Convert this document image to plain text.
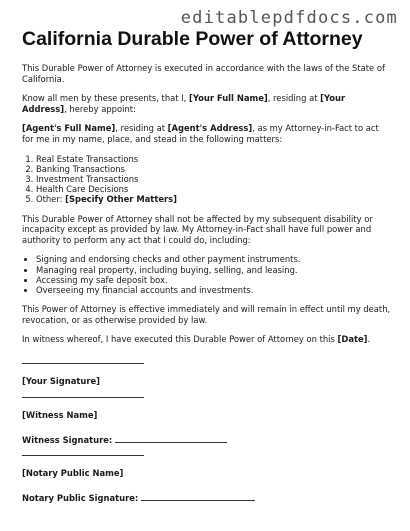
editablepdfdocs.com
California Durable Power of Attorney

This Durable Power of Attorney is executed in accordance with the laws of the State of California.

Know all men by these presents, that I, [Your Full Name], residing at [Your Address], hereby appoint:

[Agent's Full Name], residing at [Agent's Address], as my Attorney-in-Fact to act for me in my name, place, and stead in the following matters:

1. Real Estate Transactions
2. Banking Transactions
3. Investment Transactions
4. Health Care Decisions
5. Other: [Specify Other Matters]

This Durable Power of Attorney shall not be affected by my subsequent disability or incapacity except as provided by law. My Attorney-in-Fact shall have full power and authority to perform any act that I could do, including:

• Signing and endorsing checks and other payment instruments.
• Managing real property, including buying, selling, and leasing.
• Accessing my safe deposit box.
• Overseeing my financial accounts and investments.

This Power of Attorney is effective immediately and will remain in effect until my death, revocation, or as otherwise provided by law.

In witness whereof, I have executed this Durable Power of Attorney on this [Date].

[Your Signature]
[Witness Name]
Witness Signature:
[Notary Public Name]
Notary Public Signature:
